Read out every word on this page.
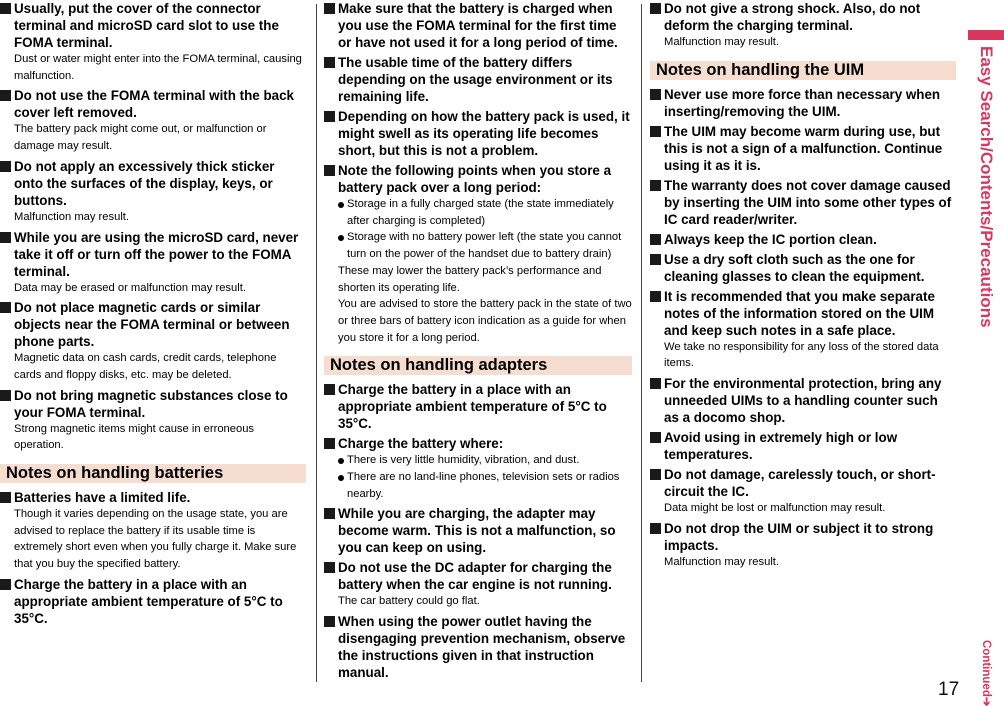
Usually, put the cover of the connector terminal and microSD card slot to use the FOMA terminal.
Dust or water might enter into the FOMA terminal, causing malfunction.
Do not use the FOMA terminal with the back cover left removed.
The battery pack might come out, or malfunction or damage may result.
Do not apply an excessively thick sticker onto the surfaces of the display, keys, or buttons.
Malfunction may result.
While you are using the microSD card, never take it off or turn off the power to the FOMA terminal.
Data may be erased or malfunction may result.
Do not place magnetic cards or similar objects near the FOMA terminal or between phone parts.
Magnetic data on cash cards, credit cards, telephone cards and floppy disks, etc. may be deleted.
Do not bring magnetic substances close to your FOMA terminal.
Strong magnetic items might cause in erroneous operation.
Notes on handling batteries
Batteries have a limited life.
Though it varies depending on the usage state, you are advised to replace the battery if its usable time is extremely short even when you fully charge it. Make sure that you buy the specified battery.
Charge the battery in a place with an appropriate ambient temperature of 5°C to 35°C.
Make sure that the battery is charged when you use the FOMA terminal for the first time or have not used it for a long period of time.
The usable time of the battery differs depending on the usage environment or its remaining life.
Depending on how the battery pack is used, it might swell as its operating life becomes short, but this is not a problem.
Note the following points when you store a battery pack over a long period:
Storage in a fully charged state (the state immediately after charging is completed)
Storage with no battery power left (the state you cannot turn on the power of the handset due to battery drain)
These may lower the battery pack’s performance and shorten its operating life.
You are advised to store the battery pack in the state of two or three bars of battery icon indication as a guide for when you store it for a long period.
Notes on handling adapters
Charge the battery in a place with an appropriate ambient temperature of 5°C to 35°C.
Charge the battery where:
There is very little humidity, vibration, and dust.
There are no land-line phones, television sets or radios nearby.
While you are charging, the adapter may become warm. This is not a malfunction, so you can keep on using.
Do not use the DC adapter for charging the battery when the car engine is not running.
The car battery could go flat.
When using the power outlet having the disengaging prevention mechanism, observe the instructions given in that instruction manual.
Do not give a strong shock. Also, do not deform the charging terminal.
Malfunction may result.
Notes on handling the UIM
Never use more force than necessary when inserting/removing the UIM.
The UIM may become warm during use, but this is not a sign of a malfunction. Continue using it as it is.
The warranty does not cover damage caused by inserting the UIM into some other types of IC card reader/writer.
Always keep the IC portion clean.
Use a dry soft cloth such as the one for cleaning glasses to clean the equipment.
It is recommended that you make separate notes of the information stored on the UIM and keep such notes in a safe place.
We take no responsibility for any loss of the stored data items.
For the environmental protection, bring any unneeded UIMs to a handling counter such as a docomo shop.
Avoid using in extremely high or low temperatures.
Do not damage, carelessly touch, or short-circuit the IC.
Data might be lost or malfunction may result.
Do not drop the UIM or subject it to strong impacts.
Malfunction may result.
Easy Search/Contents/Precautions
Continued➔
17
